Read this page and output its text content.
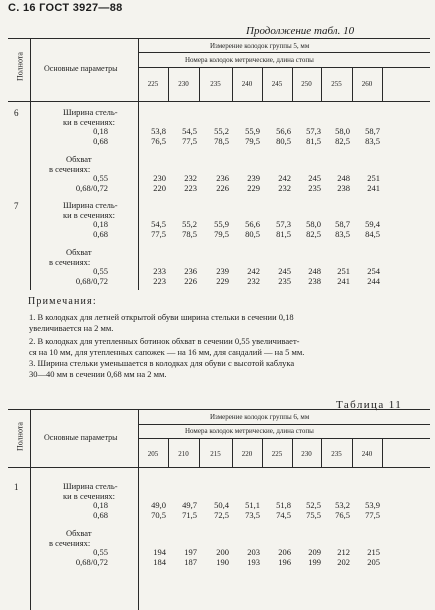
С. 16 ГОСТ 3927—88
Продолжение табл. 10
Полнота Основные параметры
Измерение колодок группы 5, мм
Номера колодок метрические, длина стопы
225	230	235	240	245	250	255	260
6	Ширина стель-
ки в сечениях:
0,18	53,8	54,5	55,2	55,9	56,6	57,3	58,0	58,7
0,68	76,5	77,5	78,5	79,5	80,5	81,5	82,5	83,5
Обхват
в сечениях:
0,55	230	232	236	239	242	245	248	251
0,68/0,72	220	223	226	229	232	235	238	241
7	Ширина стель-
ки в сечениях:
0,18	54,5	55,2	55,9	56,6	57,3	58,0	58,7	59,4
0,68	77,5	78,5	79,5	80,5	81,5	82,5	83,5	84,5
Обхват
в сечениях:
0,55	233	236	239	242	245	248	251	254
0,68/0,72	223	226	229	232	235	238	241	244
Примечания:
1. В колодках для летней открытой обуви ширина стельки в сечении 0,18
увеличивается на 2 мм.
2. В колодках для утепленных ботинок обхват в сечении 0,55 увеличивает-
ся на 10 мм, для утепленных сапожек — на 16 мм, для сандалий — на 5 мм.
3. Ширина стельки уменьшается в колодках для обуви с высотой каблука
30—40 мм в сечении 0,68 мм на 2 мм.
Таблица 11
Полнота Основные параметры
Измерение колодок группы 6, мм
Номера колодок метрические, длина стопы
205	210	215	220	225	230	235	240
1	Ширина стель-
ки в сечениях:
0,18	49,0	49,7	50,4	51,1	51,8	52,5	53,2	53,9
0,68	70,5	71,5	72,5	73,5	74,5	75,5	76,5	77,5
Обхват
в сечениях:
0,55	194	197	200	203	206	209	212	215
0,68/0,72	184	187	190	193	196	199	202	205
